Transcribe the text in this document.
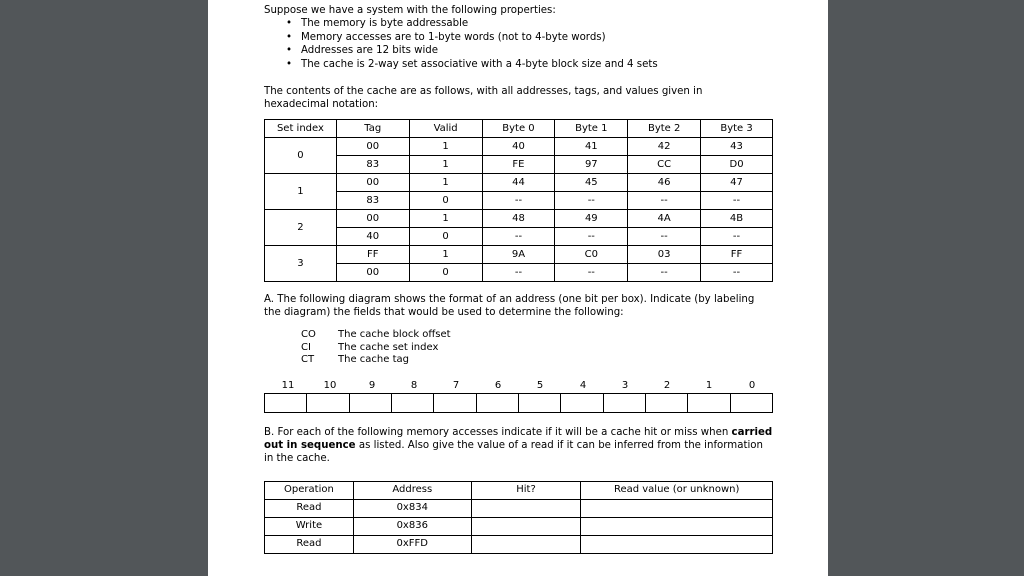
Suppose we have a system with the following properties:

• The memory is byte addressable
• Memory accesses are to 1-byte words (not to 4-byte words)
• Addresses are 12 bits wide
• The cache is 2-way set associative with a 4-byte block size and 4 sets

The contents of the cache are as follows, with all addresses, tags, and values given in hexadecimal notation:

Set index	Tag	Valid	Byte 0	Byte 1	Byte 2	Byte 3
0	00	1	40	41	42	43
	83	1	FE	97	CC	D0
1	00	1	44	45	46	47
	83	0	--	--	--	--
2	00	1	48	49	4A	4B
	40	0	--	--	--	--
3	FF	1	9A	C0	03	FF
	00	0	--	--	--	--

A. The following diagram shows the format of an address (one bit per box). Indicate (by labeling the diagram) the fields that would be used to determine the following:

CO	The cache block offset
CI	The cache set index
CT	The cache tag
11	10	9	8	7	6	5	4	3	2	1	0

B. For each of the following memory accesses indicate if it will be a cache hit or miss when carried out in sequence as listed. Also give the value of a read if it can be inferred from the information in the cache.

Operation	Address	Hit?	Read value (or unknown)
Read	0x834		
Write	0x836		
Read	0xFFD		
